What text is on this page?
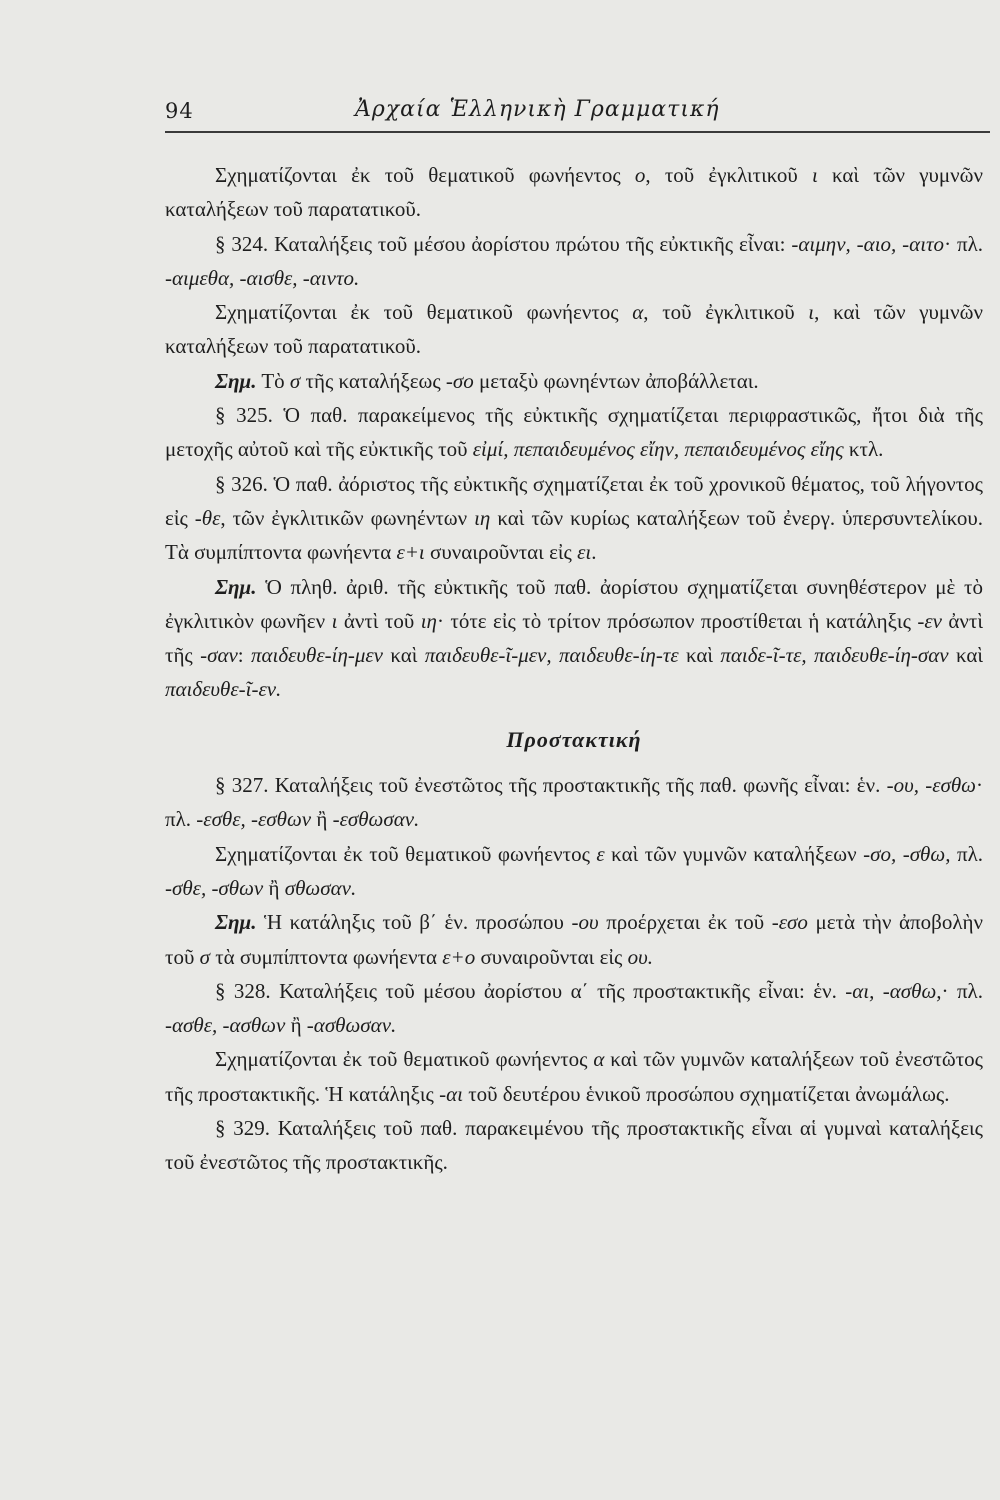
94	Ἀρχαία Ἑλληνικὴ Γραμματική

Σχηματίζονται ἐκ τοῦ θεματικοῦ φωνήεντος ο, τοῦ ἐγκλιτικοῦ ι καὶ τῶν γυμνῶν καταλήξεων τοῦ παρατατικοῦ.

§ 324. Καταλήξεις τοῦ μέσου ἀορίστου πρώτου τῆς εὐκτικῆς εἶναι: -αιμην, -αιο, -αιτο· πλ. -αιμεθα, -αισθε, -αιντο.

Σχηματίζονται ἐκ τοῦ θεματικοῦ φωνήεντος α, τοῦ ἐγκλιτικοῦ ι, καὶ τῶν γυμνῶν καταλήξεων τοῦ παρατατικοῦ.

Σημ. Τὸ σ τῆς καταλήξεως -σο μεταξὺ φωνηέντων ἀποβάλλεται.

§ 325. Ὁ παθ. παρακείμενος τῆς εὐκτικῆς σχηματίζεται περιφραστικῶς, ἤτοι διὰ τῆς μετοχῆς αὐτοῦ καὶ τῆς εὐκτικῆς τοῦ εἰμί, πεπαιδευμένος εἴην, πεπαιδευμένος εἴης κτλ.

§ 326. Ὁ παθ. ἀόριστος τῆς εὐκτικῆς σχηματίζεται ἐκ τοῦ χρονικοῦ θέματος, τοῦ λήγοντος εἰς -θε, τῶν ἐγκλιτικῶν φωνηέντων ιη καὶ τῶν κυρίως καταλήξεων τοῦ ἐνεργ. ὑπερσυντελίκου. Τὰ συμπίπτοντα φωνήεντα ε+ι συναιροῦνται εἰς ει.

Σημ. Ὁ πληθ. ἀριθ. τῆς εὐκτικῆς τοῦ παθ. ἀορίστου σχηματίζεται συνηθέστερον μὲ τὸ ἐγκλιτικὸν φωνῆεν ι ἀντὶ τοῦ ιη· τότε εἰς τὸ τρίτον πρόσωπον προστίθεται ἡ κατάληξις -εν ἀντὶ τῆς -σαν: παιδευθε-ίη-μεν καὶ παιδευθε-ῖ-μεν, παιδευθε-ίη-τε καὶ παιδε-ῖ-τε, παιδευθε-ίη-σαν καὶ παιδευθε-ῖ-εν.

Προστακτική

§ 327. Καταλήξεις τοῦ ἐνεστῶτος τῆς προστακτικῆς τῆς παθ. φωνῆς εἶναι: ἑν. -ου, -εσθω· πλ. -εσθε, -εσθων ἢ -εσθωσαν.

Σχηματίζονται ἐκ τοῦ θεματικοῦ φωνήεντος ε καὶ τῶν γυμνῶν καταλήξεων -σο, -σθω, πλ. -σθε, -σθων ἢ σθωσαν.

Σημ. Ἡ κατάληξις τοῦ β΄ ἑν. προσώπου -ου προέρχεται ἐκ τοῦ -εσο μετὰ τὴν ἀποβολὴν τοῦ σ τὰ συμπίπτοντα φωνήεντα ε+ο συναιροῦνται εἰς ου.

§ 328. Καταλήξεις τοῦ μέσου ἀορίστου α΄ τῆς προστακτικῆς εἶναι: ἑν. -αι, -ασθω,· πλ. -ασθε, -ασθων ἢ -ασθωσαν.

Σχηματίζονται ἐκ τοῦ θεματικοῦ φωνήεντος α καὶ τῶν γυμνῶν καταλήξεων τοῦ ἐνεστῶτος τῆς προστακτικῆς. Ἡ κατάληξις -αι τοῦ δευτέρου ἑνικοῦ προσώπου σχηματίζεται ἀνωμάλως.

§ 329. Καταλήξεις τοῦ παθ. παρακειμένου τῆς προστακτικῆς εἶναι αἱ γυμναὶ καταλήξεις τοῦ ἐνεστῶτος τῆς προστακτικῆς.
